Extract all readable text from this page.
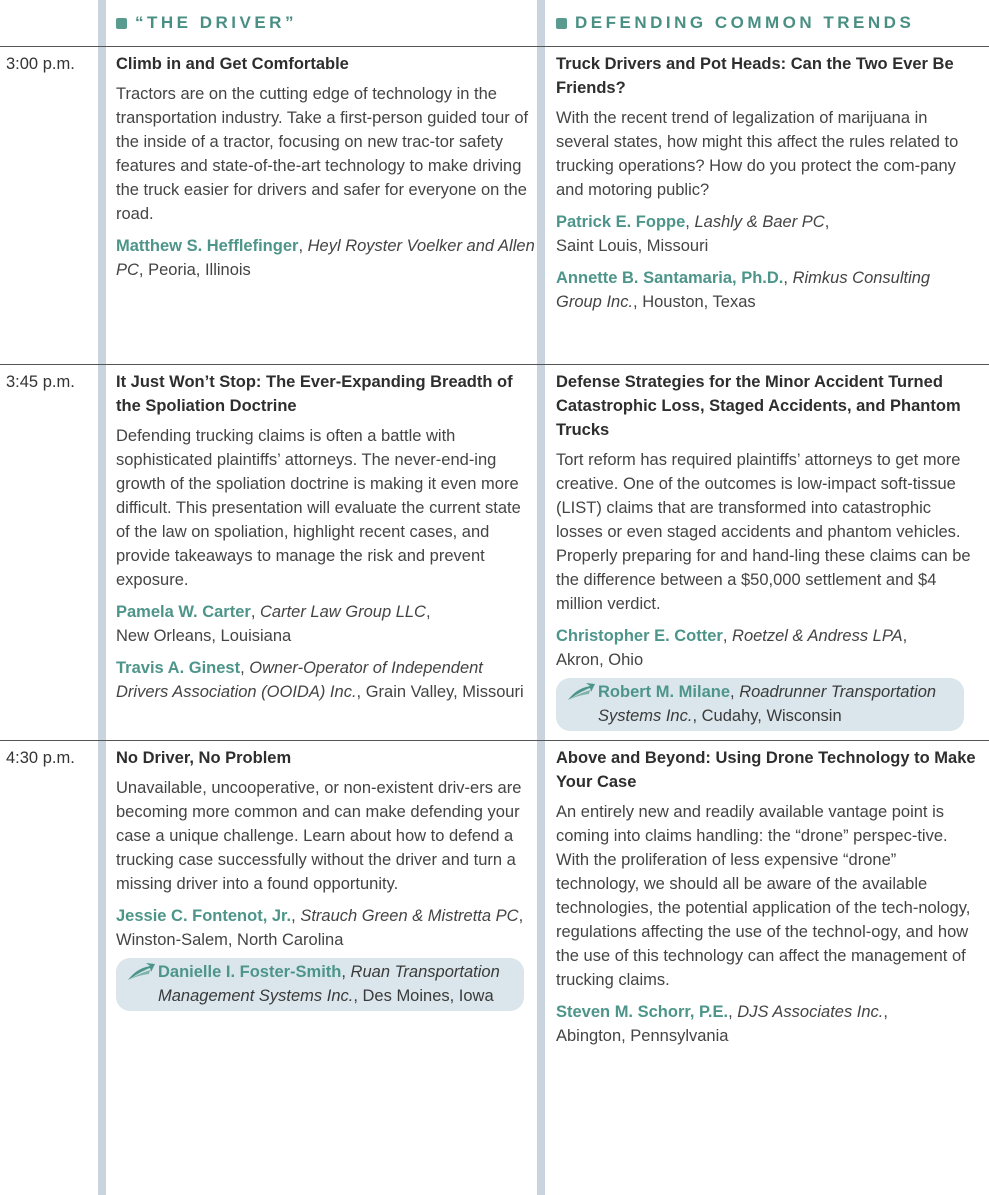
“THE DRIVER”	DEFENDING COMMON TRENDS
3:00 p.m. Climb in and Get Comfortable
Tractors are on the cutting edge of technology in the transportation industry. Take a first-person guided tour of the inside of a tractor, focusing on new trac-tor safety features and state-of-the-art technology to make driving the truck easier for drivers and safer for everyone on the road.
Matthew S. Hefflefinger, Heyl Royster Voelker and Allen PC, Peoria, Illinois
Truck Drivers and Pot Heads: Can the Two Ever Be Friends?
With the recent trend of legalization of marijuana in several states, how might this affect the rules related to trucking operations? How do you protect the com-pany and motoring public?
Patrick E. Foppe, Lashly & Baer PC,
Saint Louis, Missouri
Annette B. Santamaria, Ph.D., Rimkus Consulting Group Inc., Houston, Texas
3:45 p.m. It Just Won’t Stop: The Ever-Expanding Breadth of the Spoliation Doctrine
Defending trucking claims is often a battle with sophisticated plaintiffs’ attorneys. The never-end-ing growth of the spoliation doctrine is making it even more difficult. This presentation will evaluate the current state of the law on spoliation, highlight recent cases, and provide takeaways to manage the risk and prevent exposure.
Pamela W. Carter, Carter Law Group LLC,
New Orleans, Louisiana
Travis A. Ginest, Owner-Operator of Independent Drivers Association (OOIDA) Inc., Grain Valley, Missouri
Defense Strategies for the Minor Accident Turned Catastrophic Loss, Staged Accidents, and Phantom Trucks
Tort reform has required plaintiffs’ attorneys to get more creative. One of the outcomes is low-impact soft-tissue (LIST) claims that are transformed into catastrophic losses or even staged accidents and phantom vehicles. Properly preparing for and hand-ling these claims can be the difference between a $50,000 settlement and $4 million verdict.
Christopher E. Cotter, Roetzel & Andress LPA,
Akron, Ohio
Robert M. Milane, Roadrunner Transportation Systems Inc., Cudahy, Wisconsin
4:30 p.m. No Driver, No Problem
Unavailable, uncooperative, or non-existent driv-ers are becoming more common and can make defending your case a unique challenge. Learn about how to defend a trucking case successfully without the driver and turn a missing driver into a found opportunity.
Jessie C. Fontenot, Jr., Strauch Green & Mistretta PC,
Winston-Salem, North Carolina
Danielle I. Foster-Smith, Ruan Transportation Management Systems Inc., Des Moines, Iowa
Above and Beyond: Using Drone Technology to Make Your Case
An entirely new and readily available vantage point is coming into claims handling: the “drone” perspec-tive. With the proliferation of less expensive “drone” technology, we should all be aware of the available technologies, the potential application of the tech-nology, regulations affecting the use of the technol-ogy, and how the use of this technology can affect the management of trucking claims.
Steven M. Schorr, P.E., DJS Associates Inc.,
Abington, Pennsylvania
